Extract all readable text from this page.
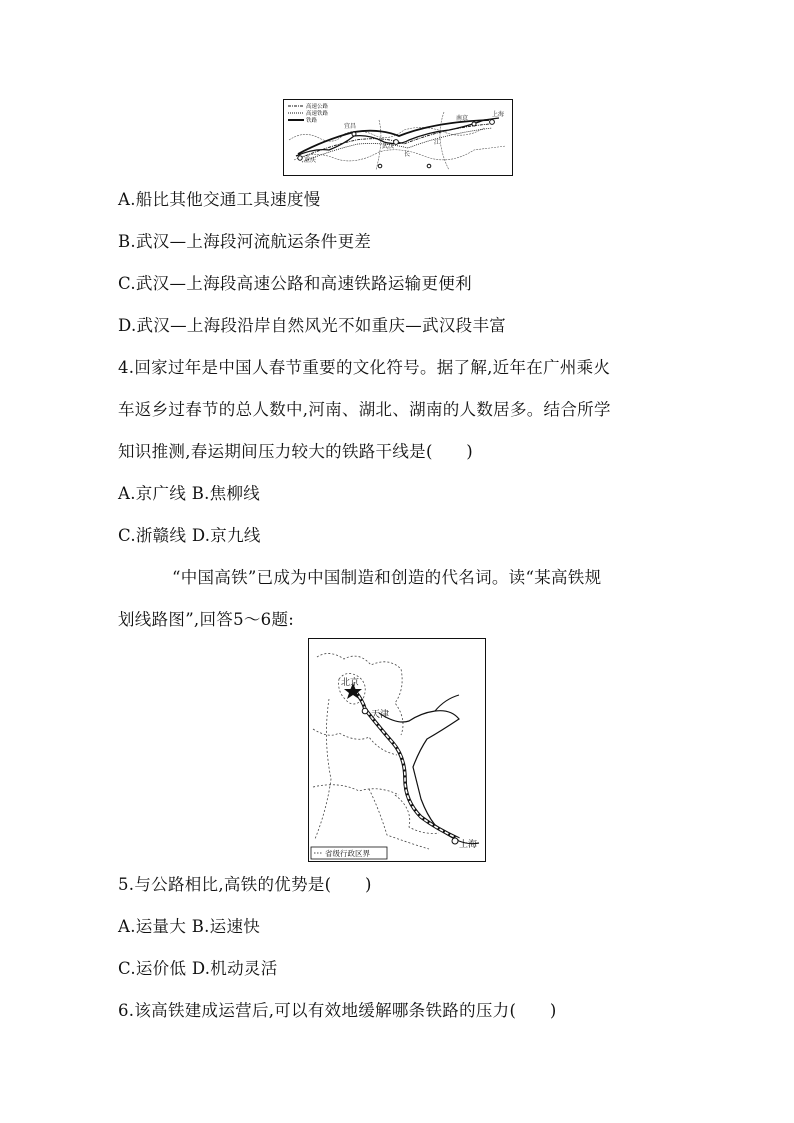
高速公路
高速铁路
铁路
重庆
宜昌
武汉
南京
上海
长
江
A.船比其他交通工具速度慢
B.武汉—上海段河流航运条件更差
C.武汉—上海段高速公路和高速铁路运输更便利
D.武汉—上海段沿岸自然风光不如重庆—武汉段丰富
4.回家过年是中国人春节重要的文化符号。据了解,近年在广州乘火
车返乡过春节的总人数中,河南、湖北、湖南的人数居多。结合所学
知识推测,春运期间压力较大的铁路干线是(　　)
A.京广线 B.焦柳线
C.浙赣线 D.京九线
“中国高铁”已成为中国制造和创造的代名词。读“某高铁规
划线路图”,回答5～6题:
北京
天津
上海
省级行政区界
5.与公路相比,高铁的优势是(　　)
A.运量大 B.运速快
C.运价低 D.机动灵活
6.该高铁建成运营后,可以有效地缓解哪条铁路的压力(　　)
